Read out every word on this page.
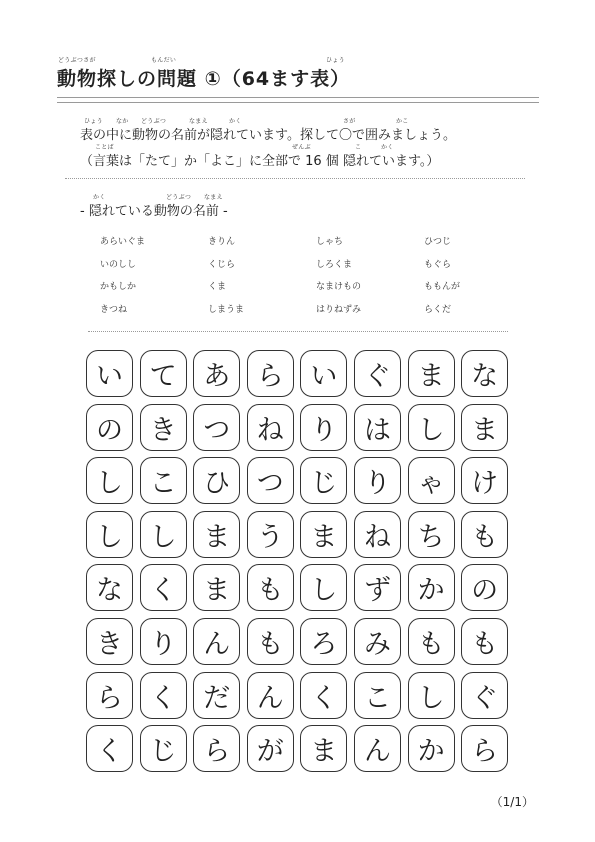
どうぶつさが	もんだい	ひょう
動物探しの問題 ①（64ます表）
ひょう なか どうぶつ	なまえ	かく	さが	かこ
表の中に動物の名前が隠れています。探して〇で囲みましょう。
ことば	ぜんぶ	こ	かく
（言葉は「たて」か「よこ」に全部で 16 個 隠れています。）
かく	どうぶつ なまえ
- 隠れている動物の名前 -
あらいぐま	きりん	しゃち	ひつじ
いのしし	くじら	しろくま	もぐら
かもしか	くま	なまけもの	ももんが
きつね	しまうま	はりねずみ	らくだ
い て あ ら い ぐ ま な
の き つ ね り は し ま
し こ ひ つ じ り ゃ け
し し ま う ま ね ち も
な く ま も し ず か の
き り ん も ろ み も も
ら く だ ん く こ し ぐ
く じ ら が ま ん か ら
（1/1）
